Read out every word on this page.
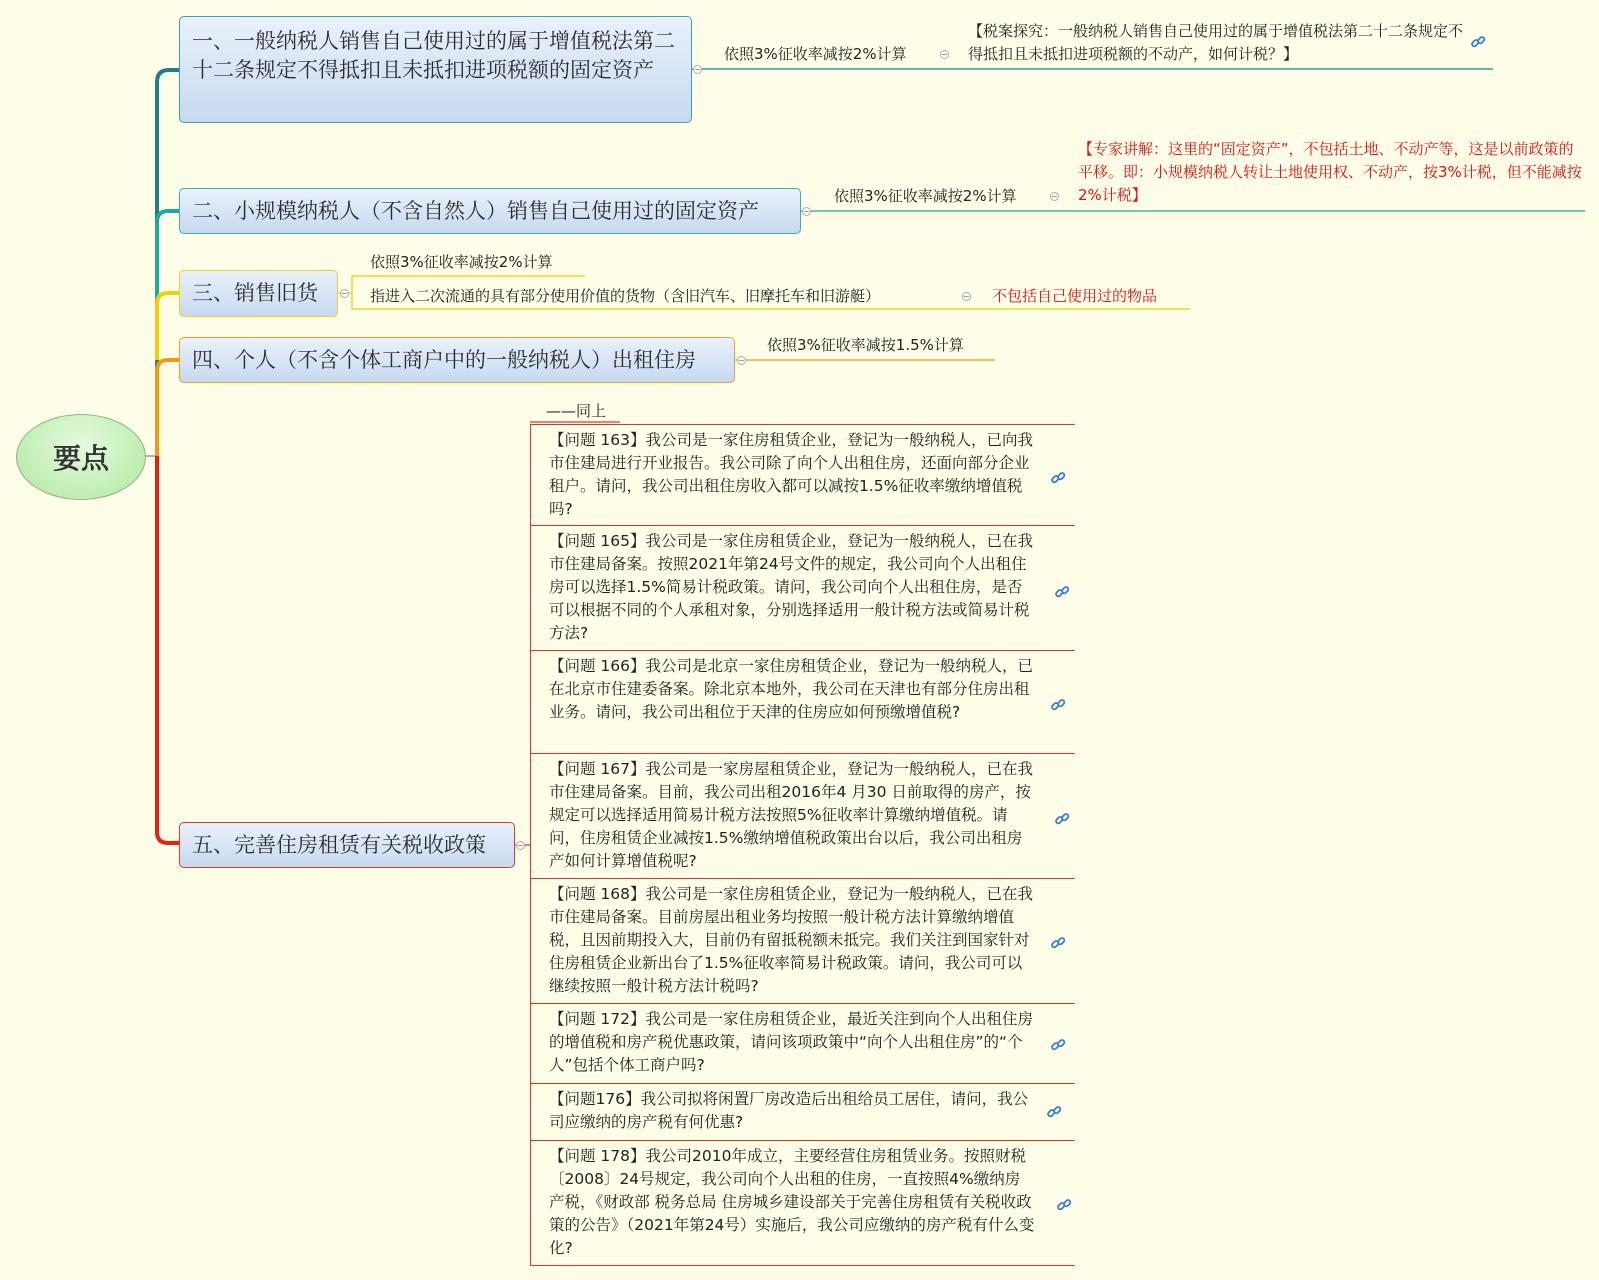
要点
一、一般纳税人销售自己使用过的属于增值税法第二十二条规定不得抵扣且未抵扣进项税额的固定资产
依照3%征收率减按2%计算
【税案探究：一般纳税人销售自己使用过的属于增值税法第二十二条规定不得抵扣且未抵扣进项税额的不动产，如何计税？】
二、小规模纳税人（不含自然人）销售自己使用过的固定资产
依照3%征收率减按2%计算
【专家讲解：这里的“固定资产”，不包括土地、不动产等，这是以前政策的平移。即：小规模纳税人转让土地使用权、不动产，按3%计税，但不能减按2%计税】
三、销售旧货
依照3%征收率减按2%计算
指进入二次流通的具有部分使用价值的货物（含旧汽车、旧摩托车和旧游艇）	不包括自己使用过的物品
四、个人（不含个体工商户中的一般纳税人）出租住房
依照3%征收率减按1.5%计算
五、完善住房租赁有关税收政策
——同上
【问题 163】我公司是一家住房租赁企业，登记为一般纳税人，已向我市住建局进行开业报告。我公司除了向个人出租住房，还面向部分企业租户。请问，我公司出租住房收入都可以减按1.5%征收率缴纳增值税吗?
【问题 165】我公司是一家住房租赁企业，登记为一般纳税人，已在我市住建局备案。按照2021年第24号文件的规定，我公司向个人出租住房可以选择1.5%简易计税政策。请问，我公司向个人出租住房，是否可以根据不同的个人承租对象，分别选择适用一般计税方法或简易计税方法?
【问题 166】我公司是北京一家住房租赁企业，登记为一般纳税人，已在北京市住建委备案。除北京本地外，我公司在天津也有部分住房出租业务。请问，我公司出租位于天津的住房应如何预缴增值税?
【问题 167】我公司是一家房屋租赁企业，登记为一般纳税人，已在我市住建局备案。目前，我公司出租2016年4 月30 日前取得的房产，按规定可以选择适用简易计税方法按照5%征收率计算缴纳增值税。请问，住房租赁企业减按1.5%缴纳增值税政策出台以后，我公司出租房产如何计算增值税呢?
【问题 168】我公司是一家住房租赁企业，登记为一般纳税人，已在我市住建局备案。目前房屋出租业务均按照一般计税方法计算缴纳增值税，且因前期投入大，目前仍有留抵税额未抵完。我们关注到国家针对住房租赁企业新出台了1.5%征收率简易计税政策。请问，我公司可以继续按照一般计税方法计税吗?
【问题 172】我公司是一家住房租赁企业，最近关注到向个人出租住房的增值税和房产税优惠政策，请问该项政策中“向个人出租住房”的“个人”包括个体工商户吗?
【问题176】我公司拟将闲置厂房改造后出租给员工居住，请问，我公司应缴纳的房产税有何优惠?
【问题 178】我公司2010年成立，主要经营住房租赁业务。按照财税〔2008〕24号规定，我公司向个人出租的住房，一直按照4%缴纳房产税，《财政部 税务总局 住房城乡建设部关于完善住房租赁有关税收政策的公告》（2021年第24号）实施后，我公司应缴纳的房产税有什么变化?
